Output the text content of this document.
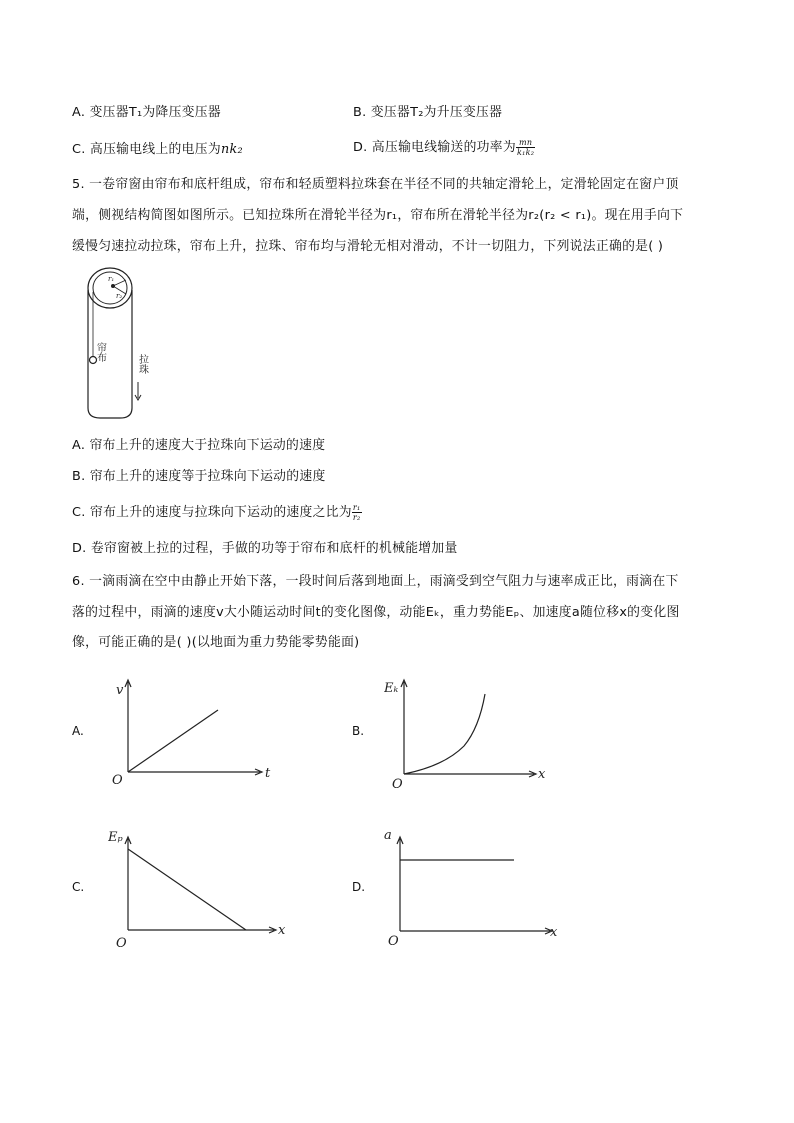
A. 变压器T₁为降压变压器	B. 变压器T₂为升压变压器
C. 高压输电线上的电压为nk₂	D. 高压输电线输送的功率为 $\frac{mn}{\text{k₁k₂}}$
5. 一卷帘窗由帘布和底杆组成，帘布和轻质塑料拉珠套在半径不同的共轴定滑轮上，定滑轮固定在窗户顶
端，侧视结构简图如图所示。已知拉珠所在滑轮半径为r₁，帘布所在滑轮半径为r₂(r₂ < r₁)。现在用手向下
缓慢匀速拉动拉珠，帘布上升，拉珠、帘布均与滑轮无相对滑动，不计一切阻力，下列说法正确的是( )
r₁
r₂
帘布
拉珠
A. 帘布上升的速度大于拉珠向下运动的速度
B. 帘布上升的速度等于拉珠向下运动的速度
C. 帘布上升的速度与拉珠向下运动的速度之比为 $\frac{\text{r₁}}{\text{r₂}}$
D. 卷帘窗被上拉的过程，手做的功等于帘布和底杆的机械能增加量
6. 一滴雨滴在空中由静止开始下落，一段时间后落到地面上，雨滴受到空气阻力与速率成正比，雨滴在下
落的过程中，雨滴的速度v大小随运动时间t的变化图像，动能Eₖ，重力势能Eₚ、加速度a随位移x的变化图
像，可能正确的是( )(以地面为重力势能零势能面)
A.
v
t
O
B.
Eₖ
x
O
C.
Eₚ
x
O
D.
a
x
O
